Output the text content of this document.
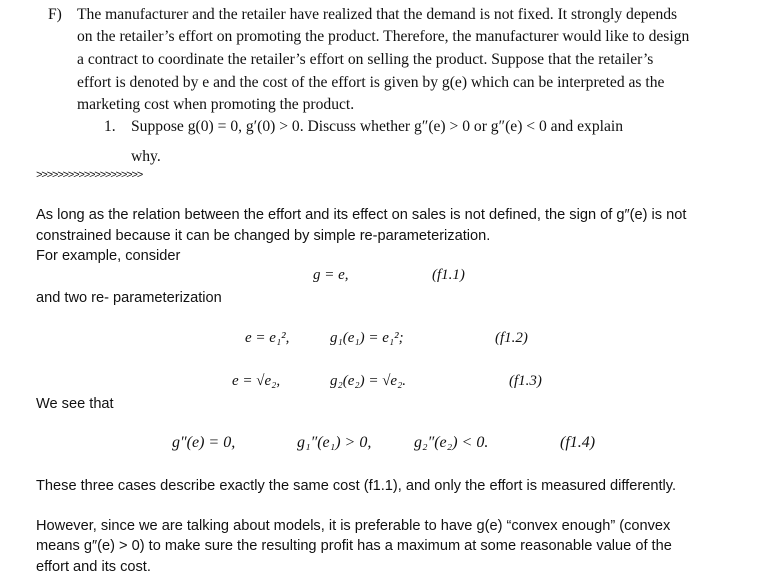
F) The manufacturer and the retailer have realized that the demand is not fixed. It strongly depends
on the retailer’s effort on promoting the product. Therefore, the manufacturer would like to design
a contract to coordinate the retailer’s effort on selling the product. Suppose that the retailer’s
effort is denoted by e and the cost of the effort is given by g(e) which can be interpreted as the
marketing cost when promoting the product.
1. Suppose g(0) = 0, g′(0) > 0. Discuss whether g″(e) > 0 or g″(e) < 0 and explain
why.
>>>>>>>>>>>>>>>>>>>>
As long as the relation between the effort and its effect on sales is not defined, the sign of g″(e) is not
constrained because it can be changed by simple re-parameterization.
For example, consider
g = e,	(f1.1)
and two re- parameterization
e = e₁²,	g₁(e₁) = e₁²;	(f1.2)
e = √e₂,	g₂(e₂) = √e₂.	(f1.3)
We see that
g″(e) = 0,	g₁″(e₁) > 0,	g₂″(e₂) < 0.	(f1.4)
These three cases describe exactly the same cost (f1.1), and only the effort is measured differently.
However, since we are talking about models, it is preferable to have g(e) “convex enough” (convex
means g″(e) > 0) to make sure the resulting profit has a maximum at some reasonable value of the
effort and its cost.
